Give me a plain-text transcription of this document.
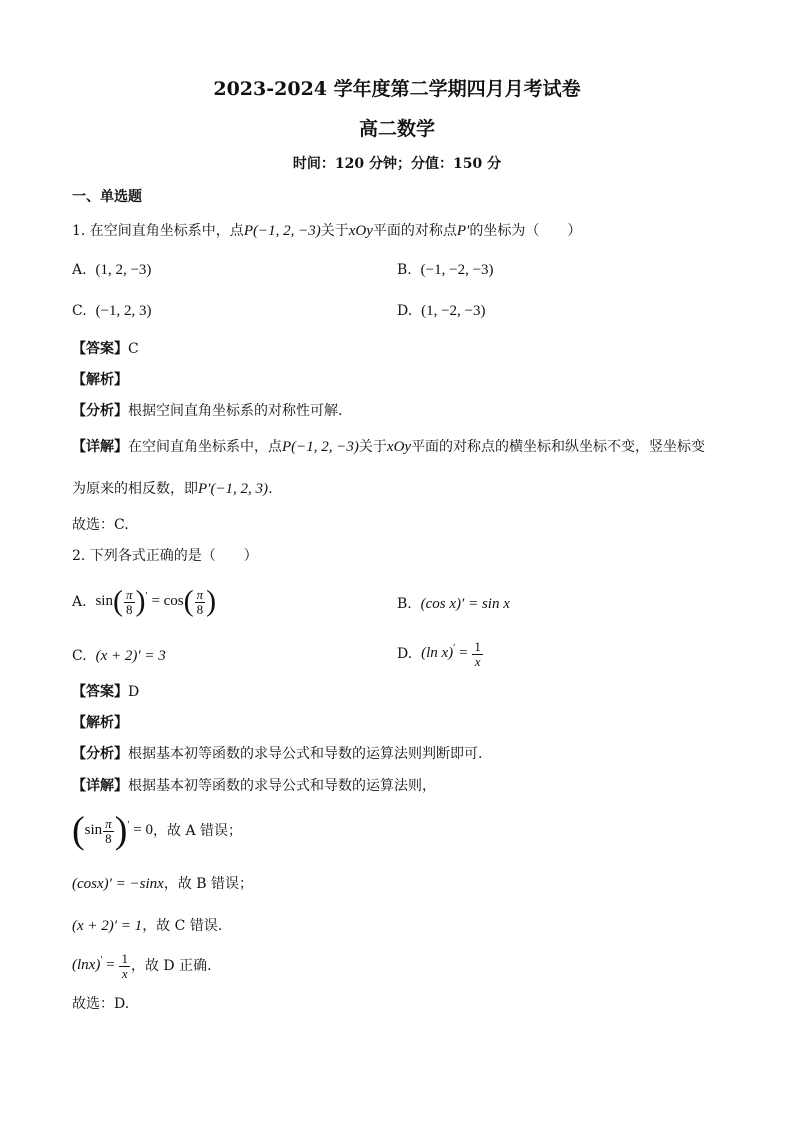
2023-2024 学年度第二学期四月月考试卷
高二数学
时间：120 分钟；分值：150 分
一、单选题
1. 在空间直角坐标系中，点P(−1, 2, −3)关于xOy平面的对称点P′的坐标为（　　）
A. (1, 2, −3)	B. (−1, −2, −3)
C. (−1, 2, 3)	D. (1, −2, −3)
【答案】C
【解析】
【分析】根据空间直角坐标系的对称性可解.
【详解】在空间直角坐标系中，点P(−1, 2, −3)关于xOy平面的对称点的横坐标和纵坐标不变，竖坐标变
为原来的相反数，即P′(−1, 2, 3).
故选：C.
2. 下列各式正确的是（　　）
A.
$\sin( \frac{\pi}{8} )' = \cos( \frac{\pi}{8}$ )	B. (cos x)′ = sin x
C. (x + 2)′ = 3	D.
(ln $x)' = \frac{1}{x}$
【答案】D
【解析】
【分析】根据基本初等函数的求导公式和导数的运算法则判断即可.
【详解】根据基本初等函数的求导公式和导数的运算法则，
$(\sin \frac{\pi}{8} )' = 0$ ，故 A 错误；
(cosx)′ = −sinx，故 B 错误；
(x + 2)′ = 1，故 C 错误.
$(\ln x)' = \frac{1}{x}$ ，故 D 正确.
故选：D.
